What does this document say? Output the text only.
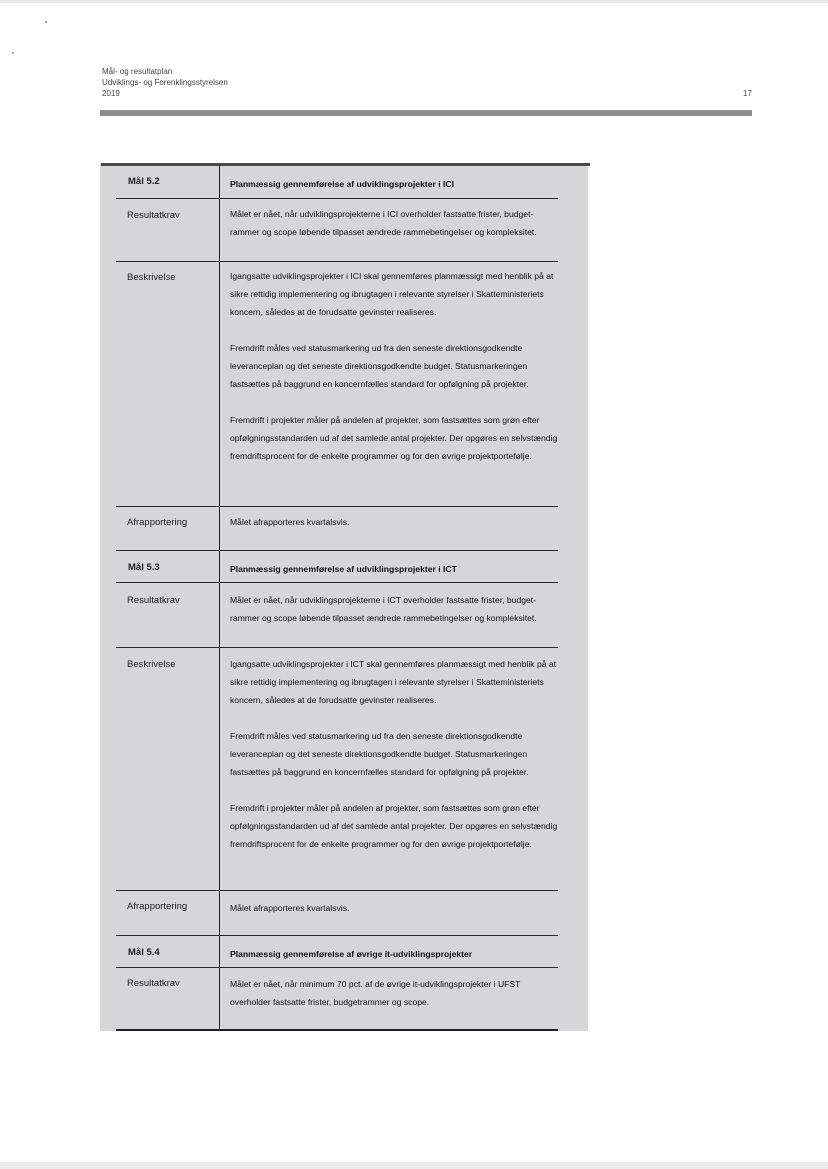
Mål- og resultatplan
Udviklings- og Forenklingsstyrelsen
2019	17
Mål 5.2	Planmæssig gennemførelse af udviklingsprojekter i ICI
Resultatkrav	Målet er nået, når udviklingsprojekterne i ICI overholder fastsatte frister, budget-rammer og scope løbende tilpasset ændrede rammebetingelser og kompleksitet.
Beskrivelse	Igangsatte udviklingsprojekter i ICI skal gennemføres planmæssigt med henblik på at sikre rettidig implementering og ibrugtagen i relevante styrelser i Skatteministeriets koncern, således at de forudsatte gevinster realiseres.

Fremdrift måles ved statusmarkering ud fra den seneste direktionsgodkendte leveranceplan og det seneste direktionsgodkendte budget. Statusmarkeringen fastsættes på baggrund en koncernfælles standard for opfølgning på projekter.

Fremdrift i projekter måler på andelen af projekter, som fastsættes som grøn efter opfølgningsstandarden ud af det samlede antal projekter. Der opgøres en selvstændig fremdriftsprocent for de enkelte programmer og for den øvrige projektportefølje.

Afrapportering	Målet afrapporteres kvartalsvis.
Mål 5.3	Planmæssig gennemførelse af udviklingsprojekter i ICT
Resultatkrav	Målet er nået, når udviklingsprojekterne i ICT overholder fastsatte frister, budget-rammer og scope løbende tilpasset ændrede rammebetingelser og kompleksitet.
Beskrivelse	Igangsatte udviklingsprojekter i ICT skal gennemføres planmæssigt med henblik på at sikre rettidig implementering og ibrugtagen i relevante styrelser i Skatteministeriets koncern, således at de forudsatte gevinster realiseres.

Fremdrift måles ved statusmarkering ud fra den seneste direktionsgodkendte leveranceplan og det seneste direktionsgodkendte budget. Statusmarkeringen fastsættes på baggrund en koncernfælles standard for opfølgning på projekter.

Fremdrift i projekter måler på andelen af projekter, som fastsættes som grøn efter opfølgningsstandarden ud af det samlede antal projekter. Der opgøres en selvstændig fremdriftsprocent for de enkelte programmer og for den øvrige projektportefølje.

Afrapportering	Målet afrapporteres kvartalsvis.
Mål 5.4	Planmæssig gennemførelse af øvrige it-udviklingsprojekter
Resultatkrav	Målet er nået, når minimum 70 pct. af de øvrige it-udviklingsprojekter i UFST overholder fastsatte frister, budgetrammer og scope.
